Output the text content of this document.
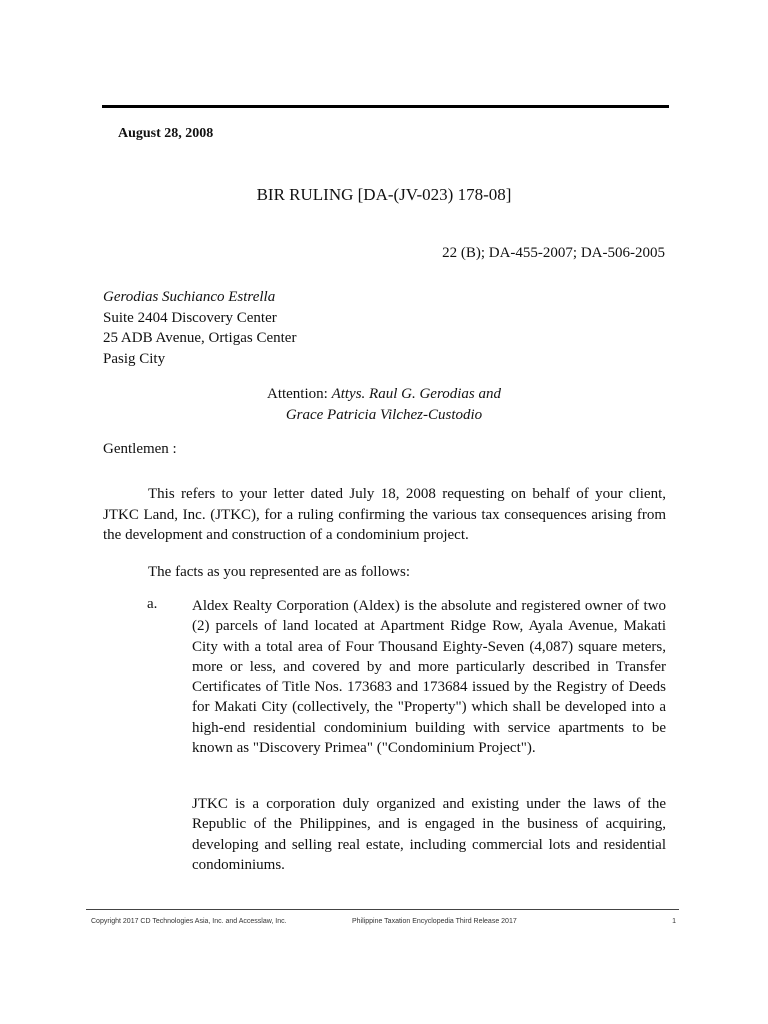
August 28, 2008
BIR RULING [DA-(JV-023) 178-08]
22 (B); DA-455-2007; DA-506-2005
Gerodias Suchianco Estrella
Suite 2404 Discovery Center
25 ADB Avenue, Ortigas Center
Pasig City
Attention: Attys. Raul G. Gerodias and
Grace Patricia Vilchez-Custodio
Gentlemen :
This refers to your letter dated July 18, 2008 requesting on behalf of your client, JTKC Land, Inc. (JTKC), for a ruling confirming the various tax consequences arising from the development and construction of a condominium project.
The facts as you represented are as follows:
a. Aldex Realty Corporation (Aldex) is the absolute and registered owner of two (2) parcels of land located at Apartment Ridge Row, Ayala Avenue, Makati City with a total area of Four Thousand Eighty-Seven (4,087) square meters, more or less, and covered by and more particularly described in Transfer Certificates of Title Nos. 173683 and 173684 issued by the Registry of Deeds for Makati City (collectively, the "Property") which shall be developed into a high-end residential condominium building with service apartments to be known as "Discovery Primea" ("Condominium Project").
JTKC is a corporation duly organized and existing under the laws of the Republic of the Philippines, and is engaged in the business of acquiring, developing and selling real estate, including commercial lots and residential condominiums.
Copyright 2017 CD Technologies Asia, Inc. and Accesslaw, Inc.	Philippine Taxation Encyclopedia Third Release 2017	1
